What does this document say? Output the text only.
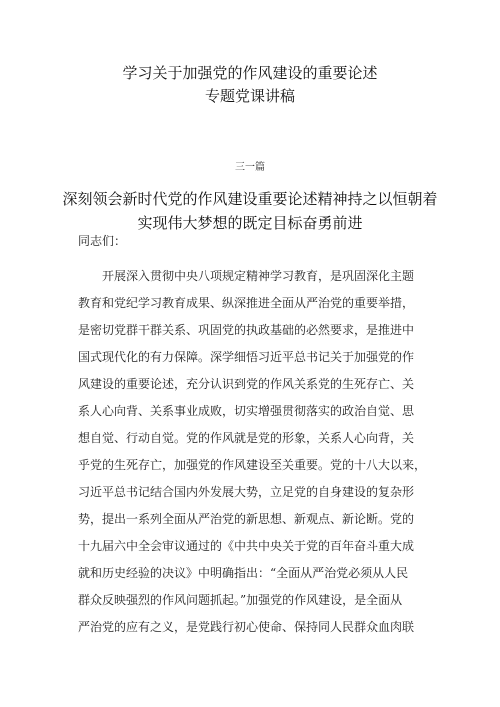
学习关于加强党的作风建设的重要论述
专题党课讲稿
三一篇
深刻领会新时代党的作风建设重要论述精神持之以恒朝着
实现伟大梦想的既定目标奋勇前进
同志们：
开展深入贯彻中央八项规定精神学习教育，是巩固深化主题
教育和党纪学习教育成果、纵深推进全面从严治党的重要举措，
是密切党群干群关系、巩固党的执政基础的必然要求，是推进中
国式现代化的有力保障。深学细悟习近平总书记关于加强党的作
风建设的重要论述，充分认识到党的作风关系党的生死存亡、关
系人心向背、关系事业成败，切实增强贯彻落实的政治自觉、思
想自觉、行动自觉。党的作风就是党的形象，关系人心向背，关
乎党的生死存亡，加强党的作风建设至关重要。党的十八大以来，
习近平总书记结合国内外发展大势，立足党的自身建设的复杂形
势，提出一系列全面从严治党的新思想、新观点、新论断。党的
十九届六中全会审议通过的《中共中央关于党的百年奋斗重大成
就和历史经验的决议》中明确指出：“全面从严治党必须从人民
群众反映强烈的作风问题抓起。”加强党的作风建设，是全面从
严治党的应有之义，是党践行初心使命、保持同人民群众血肉联
